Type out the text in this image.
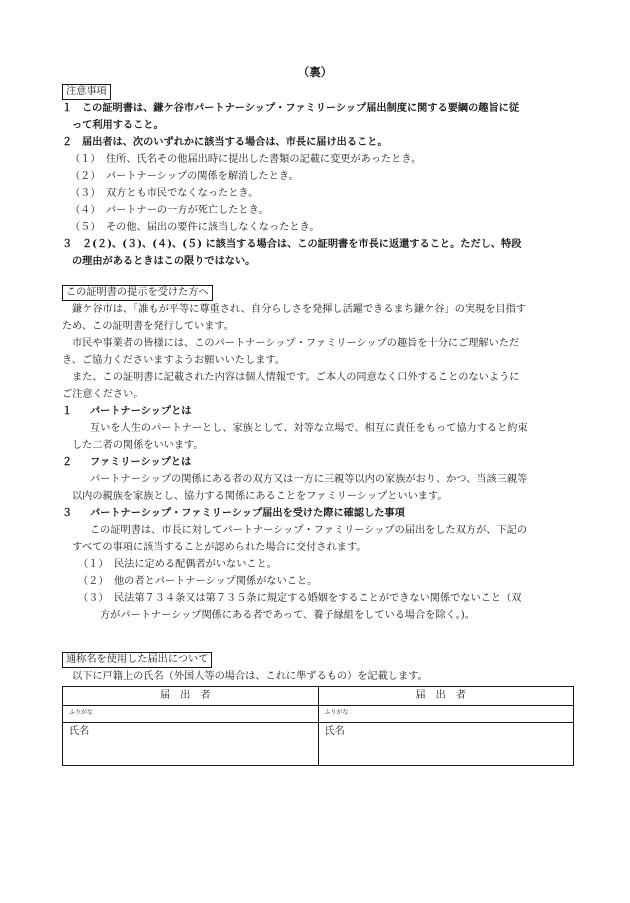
（裏）
注意事項
１ この証明書は、鎌ケ谷市パートナーシップ・ファミリーシップ届出制度に関する要綱の趣旨に従
って利用すること。
２ 届出者は、次のいずれかに該当する場合は、市長に届け出ること。
（１） 住所、氏名その他届出時に提出した書類の記載に変更があったとき。
（２） パートナーシップの関係を解消したとき。
（３） 双方とも市民でなくなったとき。
（４） パートナーの一方が死亡したとき。
（５） その他、届出の要件に該当しなくなったとき。
３ ２(２)、(３)、(４)、(５) に該当する場合は、この証明書を市長に返還すること。ただし、特段
の理由があるときはこの限りではない。
この証明書の提示を受けた方へ
鎌ケ谷市は、「誰もが平等に尊重され、自分らしさを発揮し活躍できるまち鎌ケ谷」の実現を目指す
ため、この証明書を発行しています。
市民や事業者の皆様には、このパートナーシップ・ファミリーシップの趣旨を十分にご理解いただ
き、ご協力くださいますようお願いいたします。
また、この証明書に記載された内容は個人情報です。ご本人の同意なく口外することのないように
ご注意ください。
１ パートナーシップとは
互いを人生のパートナーとし、家族として、対等な立場で、相互に責任をもって協力すると約束
した二者の関係をいいます。
２ ファミリーシップとは
パートナーシップの関係にある者の双方又は一方に三親等以内の家族がおり、かつ、当該三親等
以内の親族を家族とし、協力する関係にあることをファミリーシップといいます。
３ パートナーシップ・ファミリーシップ届出を受けた際に確認した事項
この証明書は、市長に対してパートナーシップ・ファミリーシップの届出をした双方が、下記の
すべての事項に該当することが認められた場合に交付されます。
（１） 民法に定める配偶者がいないこと。
（２） 他の者とパートナーシップ関係がないこと。
（３） 民法第７３４条又は第７３５条に規定する婚姻をすることができない関係でないこと（双
方がパートナーシップ関係にある者であって、養子縁組をしている場合を除く。)。
通称名を使用した届出について
以下に戸籍上の氏名（外国人等の場合は、これに準ずるもの）を記載します。
届出者	届出者
ふりがな	ふりがな
氏名	氏名
